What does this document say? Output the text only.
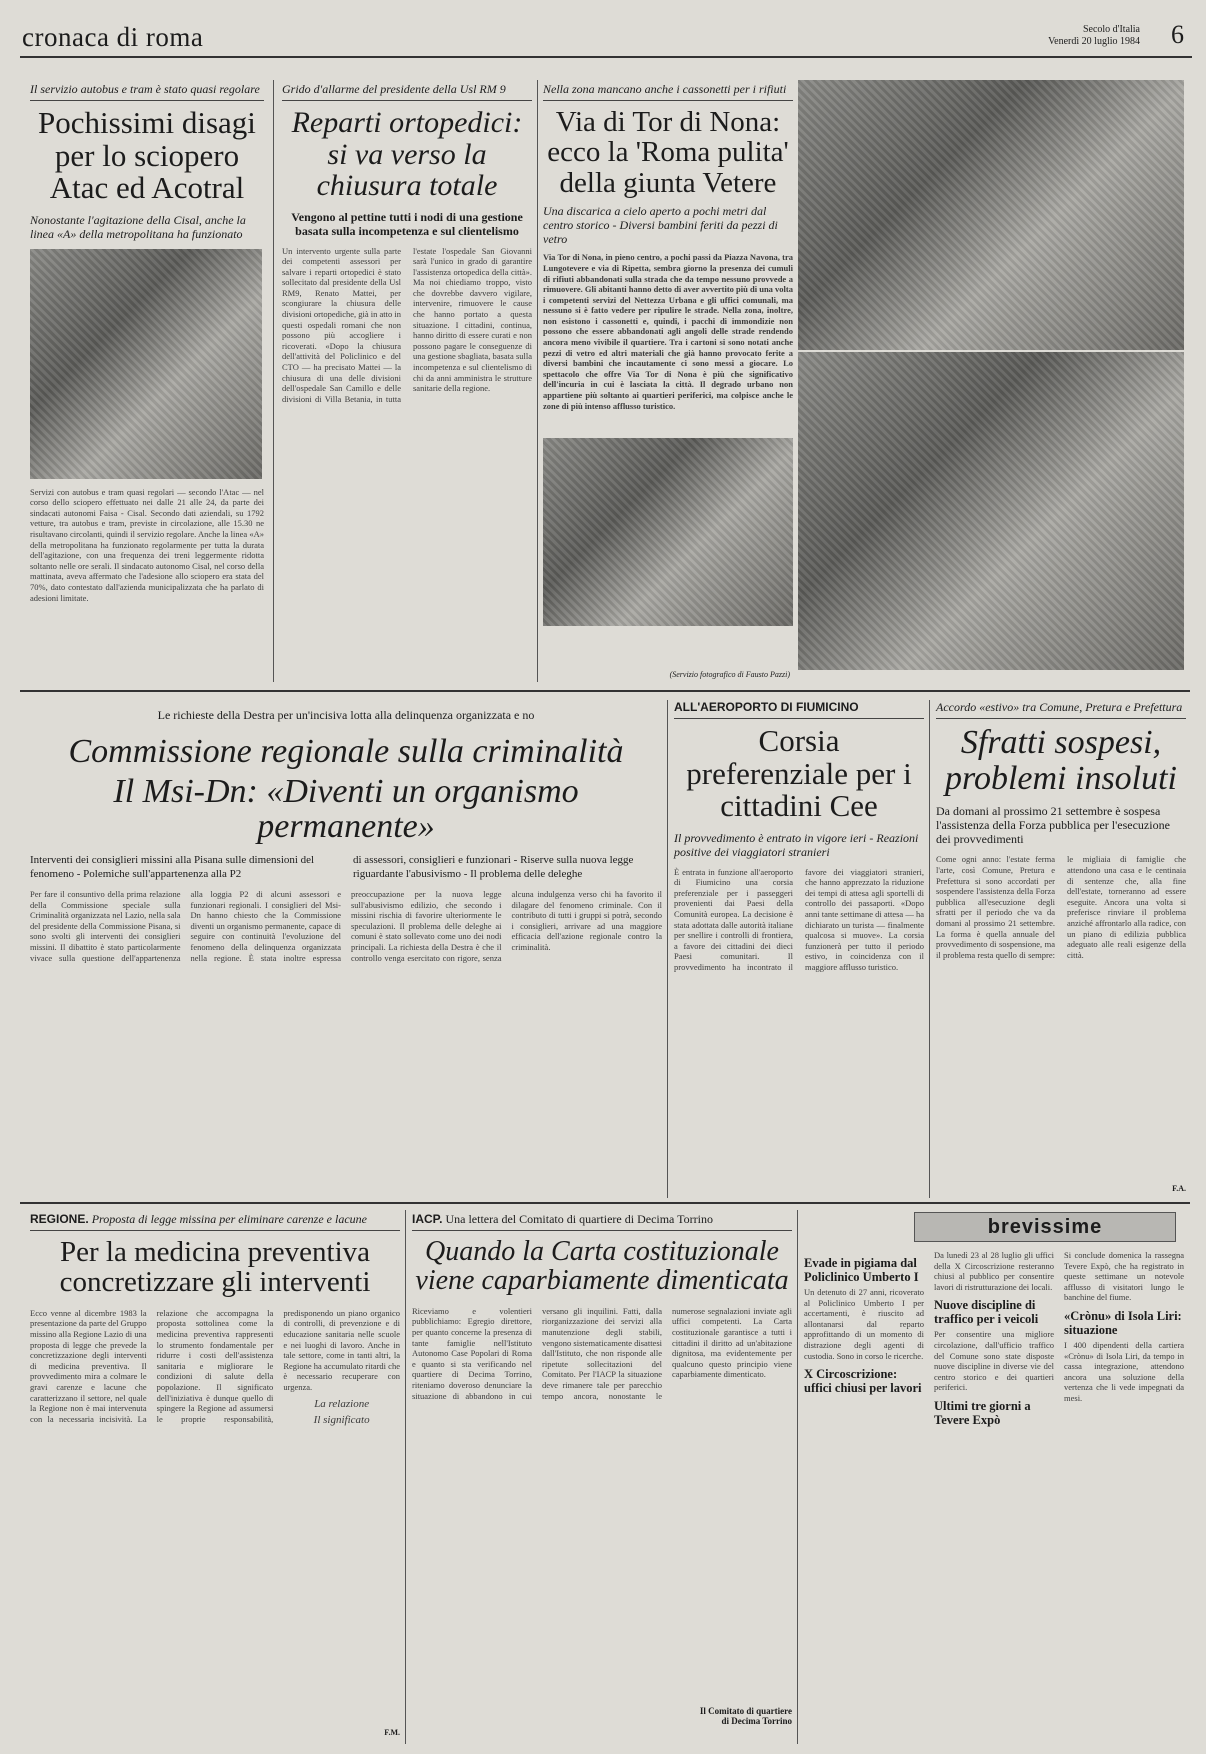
cronaca di roma	Secolo d'Italia
Venerdì 20 luglio 1984 6
Il servizio autobus e tram è stato quasi regolare
Pochissimi disagi per lo sciopero Atac ed Acotral
Nonostante l'agitazione della Cisal, anche la linea «A» della metropolitana ha funzionato
Servizi con autobus e tram quasi regolari — secondo l'Atac — nel corso dello sciopero effettuato nei dalle 21 alle 24, da parte dei sindacati autonomi Faisa - Cisal. Secondo dati aziendali, su 1792 vetture, tra autobus e tram, previste in circolazione, alle 15.30 ne risultavano circolanti, quindi il servizio regolare. Anche la linea «A» della metropolitana ha funzionato regolarmente per tutta la durata dell'agitazione, con una frequenza dei treni leggermente ridotta soltanto nelle ore serali. Il sindacato autonomo Cisal, nel corso della mattinata, aveva affermato che l'adesione allo sciopero era stata del 70%, dato contestato dall'azienda municipalizzata che ha parlato di adesioni limitate.
Grido d'allarme del presidente della Usl RM 9
Reparti ortopedici: si va verso la chiusura totale
Vengono al pettine tutti i nodi di una gestione basata sulla incompetenza e sul clientelismo
Un intervento urgente sulla parte dei competenti assessori per salvare i reparti ortopedici è stato sollecitato dal presidente della Usl RM9, Renato Mattei, per scongiurare la chiusura delle divisioni ortopediche, già in atto in questi ospedali romani che non possono più accogliere i ricoverati. «Dopo la chiusura dell'attività del Policlinico e del CTO — ha precisato Mattei — la chiusura di una delle divisioni dell'ospedale San Camillo e delle divisioni di Villa Betania, in tutta l'estate l'ospedale San Giovanni sarà l'unico in grado di garantire l'assistenza ortopedica della città». Ma noi chiediamo troppo, visto che dovrebbe davvero vigilare, intervenire, rimuovere le cause che hanno portato a questa situazione. I cittadini, continua, hanno diritto di essere curati e non possono pagare le conseguenze di una gestione sbagliata, basata sulla incompetenza e sul clientelismo di chi da anni amministra le strutture sanitarie della regione.
Nella zona mancano anche i cassonetti per i rifiuti
Via di Tor di Nona: ecco la 'Roma pulita' della giunta Vetere
Una discarica a cielo aperto a pochi metri dal centro storico - Diversi bambini feriti da pezzi di vetro
Via Tor di Nona, in pieno centro, a pochi passi da Piazza Navona, tra Lungotevere e via di Ripetta, sembra giorno la presenza dei cumuli di rifiuti abbandonati sulla strada che da tempo nessuno provvede a rimuovere. Gli abitanti hanno detto di aver avvertito più di una volta i competenti servizi del Nettezza Urbana e gli uffici comunali, ma nessuno si è fatto vedere per ripulire le strade. Nella zona, inoltre, non esistono i cassonetti e, quindi, i pacchi di immondizie non possono che essere abbandonati agli angoli delle strade rendendo ancora meno vivibile il quartiere. Tra i cartoni si sono notati anche pezzi di vetro ed altri materiali che già hanno provocato ferite a diversi bambini che incautamente ci sono messi a giocare. Lo spettacolo che offre Via Tor di Nona è più che significativo dell'incuria in cui è lasciata la città. Il degrado urbano non appartiene più soltanto ai quartieri periferici, ma colpisce anche le zone di più intenso afflusso turistico.
(Servizio fotografico di Fausto Pazzi)
Le richieste della Destra per un'incisiva lotta alla delinquenza organizzata e no
Commissione regionale sulla criminalità
Il Msi-Dn: «Diventi un organismo permanente»
Interventi dei consiglieri missini alla Pisana sulle dimensioni del fenomeno - Polemiche sull'appartenenza alla P2
di assessori, consiglieri e funzionari - Riserve sulla nuova legge riguardante l'abusivismo - Il problema delle deleghe
Per fare il consuntivo della prima relazione della Commissione speciale sulla Criminalità organizzata nel Lazio, nella sala del presidente della Commissione Pisana, si sono svolti gli interventi dei consiglieri missini. Il dibattito è stato particolarmente vivace sulla questione dell'appartenenza alla loggia P2 di alcuni assessori e funzionari regionali. I consiglieri del Msi-Dn hanno chiesto che la Commissione diventi un organismo permanente, capace di seguire con continuità l'evoluzione del fenomeno della delinquenza organizzata nella regione. È stata inoltre espressa preoccupazione per la nuova legge sull'abusivismo edilizio, che secondo i missini rischia di favorire ulteriormente le speculazioni. Il problema delle deleghe ai comuni è stato sollevato come uno dei nodi principali. La richiesta della Destra è che il controllo venga esercitato con rigore, senza alcuna indulgenza verso chi ha favorito il dilagare del fenomeno criminale. Con il contributo di tutti i gruppi si potrà, secondo i consiglieri, arrivare ad una maggiore efficacia dell'azione regionale contro la criminalità.
ALL'AEROPORTO DI FIUMICINO
Corsia preferenziale per i cittadini Cee
Il provvedimento è entrato in vigore ieri - Reazioni positive dei viaggiatori stranieri
È entrata in funzione all'aeroporto di Fiumicino una corsia preferenziale per i passeggeri provenienti dai Paesi della Comunità europea. La decisione è stata adottata dalle autorità italiane per snellire i controlli di frontiera, a favore dei cittadini dei dieci Paesi comunitari. Il provvedimento ha incontrato il favore dei viaggiatori stranieri, che hanno apprezzato la riduzione dei tempi di attesa agli sportelli di controllo dei passaporti. «Dopo anni tante settimane di attesa — ha dichiarato un turista — finalmente qualcosa si muove». La corsia funzionerà per tutto il periodo estivo, in coincidenza con il maggiore afflusso turistico.
Accordo «estivo» tra Comune, Pretura e Prefettura
Sfratti sospesi, problemi insoluti
Da domani al prossimo 21 settembre è sospesa l'assistenza della Forza pubblica per l'esecuzione dei provvedimenti
Come ogni anno: l'estate ferma l'arte, così Comune, Pretura e Prefettura si sono accordati per sospendere l'assistenza della Forza pubblica all'esecuzione degli sfratti per il periodo che va da domani al prossimo 21 settembre. La forma è quella annuale del provvedimento di sospensione, ma il problema resta quello di sempre: le migliaia di famiglie che attendono una casa e le centinaia di sentenze che, alla fine dell'estate, torneranno ad essere eseguite. Ancora una volta si preferisce rinviare il problema anziché affrontarlo alla radice, con un piano di edilizia pubblica adeguato alle reali esigenze della città.
F.A.
REGIONE. Proposta di legge missina per eliminare carenze e lacune
Per la medicina preventiva concretizzare gli interventi
Ecco venne al dicembre 1983 la presentazione da parte del Gruppo missino alla Regione Lazio di una proposta di legge che prevede la concretizzazione degli interventi di medicina preventiva. Il provvedimento mira a colmare le gravi carenze e lacune che caratterizzano il settore, nel quale la Regione non è mai intervenuta con la necessaria incisività. La relazione che accompagna la proposta sottolinea come la medicina preventiva rappresenti lo strumento fondamentale per ridurre i costi dell'assistenza sanitaria e migliorare le condizioni di salute della popolazione. Il significato dell'iniziativa è dunque quello di spingere la Regione ad assumersi le proprie responsabilità, predisponendo un piano organico di controlli, di prevenzione e di educazione sanitaria nelle scuole e nei luoghi di lavoro. Anche in tale settore, come in tanti altri, la Regione ha accumulato ritardi che è necessario recuperare con urgenza.
La relazione
Il significato
F.M.
IACP. Una lettera del Comitato di quartiere di Decima Torrino
Quando la Carta costituzionale viene caparbiamente dimenticata
Riceviamo e volentieri pubblichiamo: Egregio direttore, per quanto concerne la presenza di tante famiglie nell'Istituto Autonomo Case Popolari di Roma e quanto si sta verificando nel quartiere di Decima Torrino, riteniamo doveroso denunciare la situazione di abbandono in cui versano gli inquilini. Fatti, dalla riorganizzazione dei servizi alla manutenzione degli stabili, vengono sistematicamente disattesi dall'Istituto, che non risponde alle ripetute sollecitazioni del Comitato. Per l'IACP la situazione deve rimanere tale per parecchio tempo ancora, nonostante le numerose segnalazioni inviate agli uffici competenti. La Carta costituzionale garantisce a tutti i cittadini il diritto ad un'abitazione dignitosa, ma evidentemente per qualcuno questo principio viene caparbiamente dimenticato.
Il Comitato di quartiere
di Decima Torrino
brevissime
Evade in pigiama dal Policlinico Umberto I
Un detenuto di 27 anni, ricoverato al Policlinico Umberto I per accertamenti, è riuscito ad allontanarsi dal reparto approfittando di un momento di distrazione degli agenti di custodia. Sono in corso le ricerche.
X Circoscrizione: uffici chiusi per lavori
Da lunedì 23 al 28 luglio gli uffici della X Circoscrizione resteranno chiusi al pubblico per consentire lavori di ristrutturazione dei locali.
Nuove discipline di traffico per i veicoli
Per consentire una migliore circolazione, dall'ufficio traffico del Comune sono state disposte nuove discipline in diverse vie del centro storico e dei quartieri periferici.
Ultimi tre giorni a Tevere Expò
Si conclude domenica la rassegna Tevere Expò, che ha registrato in queste settimane un notevole afflusso di visitatori lungo le banchine del fiume.
«Crònu» di Isola Liri: situazione
I 400 dipendenti della cartiera «Crònu» di Isola Liri, da tempo in cassa integrazione, attendono ancora una soluzione della vertenza che li vede impegnati da mesi.
